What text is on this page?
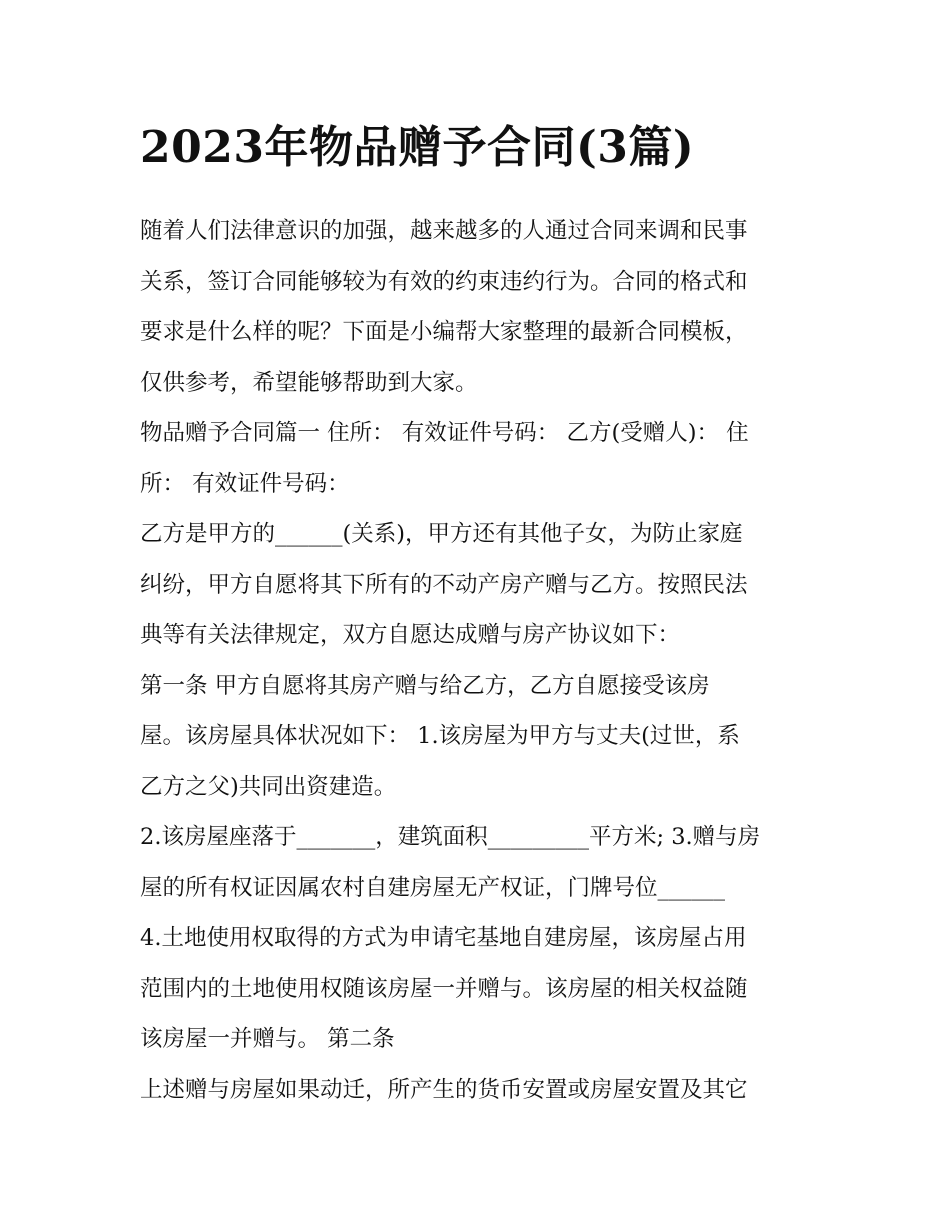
2023年物品赠予合同(3篇)
随着人们法律意识的加强，越来越多的人通过合同来调和民事
关系，签订合同能够较为有效的约束违约行为。合同的格式和
要求是什么样的呢？下面是小编帮大家整理的最新合同模板，
仅供参考，希望能够帮助到大家。
物品赠予合同篇一 住所： 有效证件号码： 乙方(受赠人)： 住
所： 有效证件号码：
乙方是甲方的______(关系)，甲方还有其他子女，为防止家庭
纠纷，甲方自愿将其下所有的不动产房产赠与乙方。按照民法
典等有关法律规定，双方自愿达成赠与房产协议如下：
第一条 甲方自愿将其房产赠与给乙方，乙方自愿接受该房
屋。该房屋具体状况如下： 1.该房屋为甲方与丈夫(过世，系
乙方之父)共同出资建造。
2.该房屋座落于_______，建筑面积_________平方米; 3.赠与房
屋的所有权证因属农村自建房屋无产权证，门牌号位______
4.土地使用权取得的方式为申请宅基地自建房屋，该房屋占用
范围内的土地使用权随该房屋一并赠与。该房屋的相关权益随
该房屋一并赠与。 第二条
上述赠与房屋如果动迁，所产生的货币安置或房屋安置及其它
